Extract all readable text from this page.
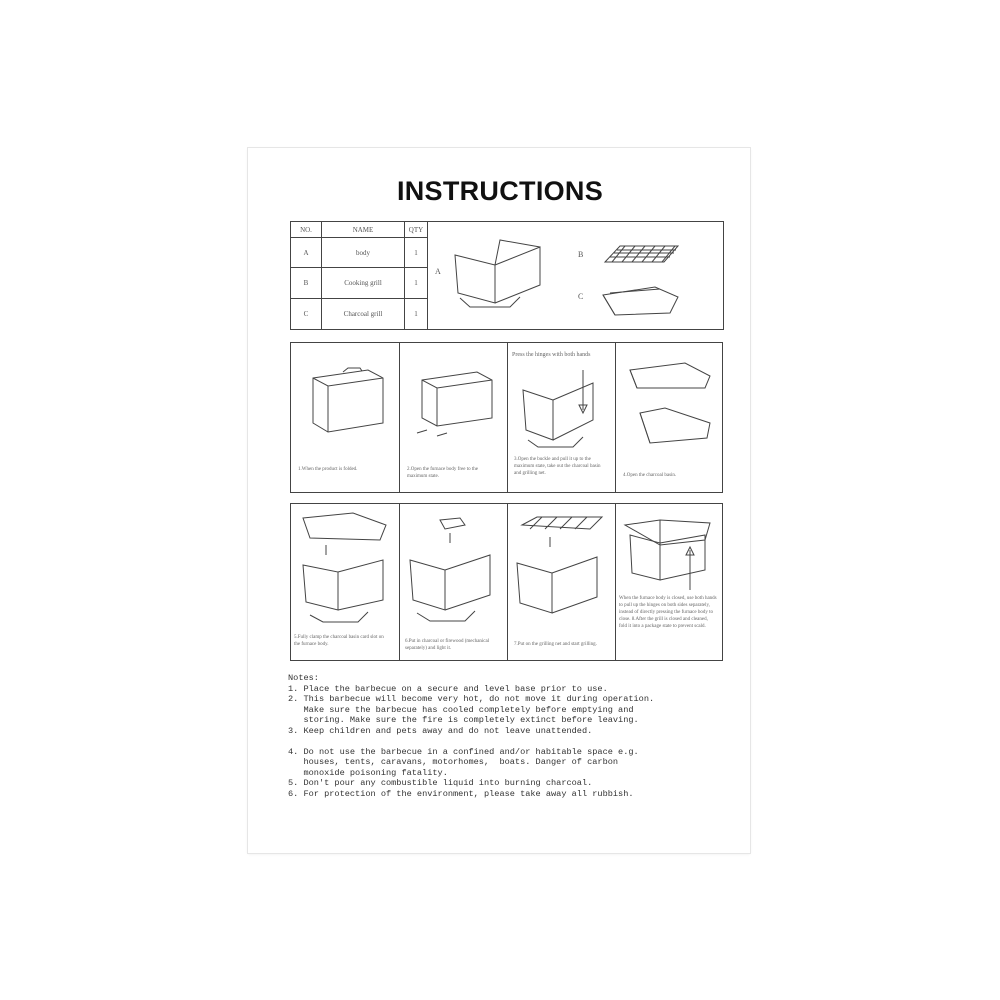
INSTRUCTIONS
NO.	NAME	QTY
A	body	1
B	Cooking grill	1
C	Charcoal grill	1
A
B
C
Press the hinges with both hands
1.When the product is folded.	2.Open the furnace body free to the maximum state.
3.Open the buckle and pull it up to the maximum state, take out the charcoal basin and grilling net.	4.Open the charcoal basin.
5.Fully clamp the charcoal basin card slot on the furnace body.
6.Put in charcoal or firewood (mechanical separately) and light it.
7.Put on the grilling net and start grilling.
When the furnace body is closed, use both hands to pull up the hinges on both sides separately, instead of directly pressing the furnace body to close. 8.After the grill is closed and cleaned, fold it into a package state to prevent scald.
Notes:
1. Place the barbecue on a secure and level base prior to use.
2. This barbecue will become very hot, do not move it during operation.
Make sure the barbecue has cooled completely before emptying and
storing. Make sure the fire is completely extinct before leaving.
3. Keep children and pets away and do not leave unattended.
4. Do not use the barbecue in a confined and/or habitable space e.g.
houses, tents, caravans, motorhomes,  boats. Danger of carbon
monoxide poisoning fatality.
5. Don't pour any combustible liquid into burning charcoal.
6. For protection of the environment, please take away all rubbish.
